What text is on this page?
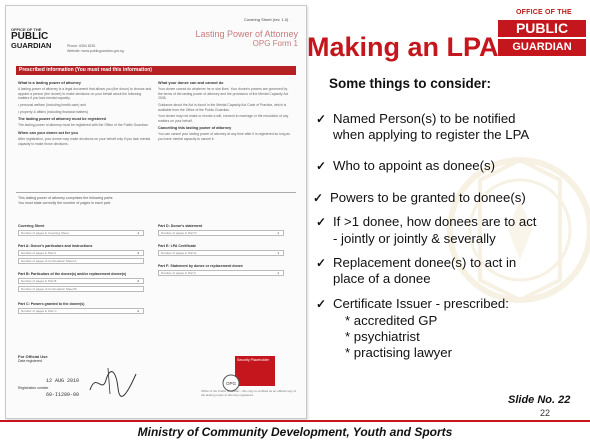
Covering Sheet (rev. 1.0)
OFFICE OF THE
PUBLIC
GUARDIAN	Phone: 6354 8251
Website: www.publicguardian.gov.sg
Lasting Power of Attorney
OPG Form 1
Prescribed information (You must read this information)
What is a lasting power of attorney

A lasting power of attorney is a legal document that allows you (the donor) to choose and appoint a person (the donee) to make decisions on your behalf about the following matters if you lack mental capacity.

• personal welfare (including health care) and

• property & affairs (including financial matters)

The lasting power of attorney must be registered

The lasting power of attorney must be registered with the Office of the Public Guardian.

When can your donee act for you

After registration, your donee may make decisions on your behalf only if you lack mental capacity to make those decisions.

What your donee can and cannot do

Your donee cannot do whatever he or she likes. Your donee's powers are governed by the terms of the lasting power of attorney and the provisions of the Mental Capacity Act 2008.

Guidance about the Act is found in the Mental Capacity Act Code of Practice, which is available from the Office of the Public Guardian.

Your donee may not make or revoke a will, consent to marriage or the resolution of any matters on your behalf.

Cancelling this lasting power of attorney

You can cancel your lasting power of attorney at any time after it is registered as long as you have mental capacity to cancel it.

This lasting power of attorney comprises the following parts:
You must state correctly the number of pages in each part.
Covering Sheet
Number of pages in Covering Sheet	1
Part A: Donor's particulars and instructions
Number of pages in Part A	3
Number of pages of Continuation Sheet A
Part B: Particulars of the donee(s) and/or replacement donee(s)
Number of pages in Part B	2
Number of pages of Continuation Sheet B
Part C: Powers granted to the donee(s)
Number of pages in Part C	2
Part D: Donor's statement
Number of pages in Part D	1
Part E: LPA Certificate
Number of pages in Part E	1
Part F: Statement by donee or replacement donee
Number of pages in Part F	1
For Official Use
Date registered
12 AUG 2010
Registration number
60-I1200-00
Security Placeholder
OPG
Office of the Public Guardian - this copy is certified as an official copy of the lasting power of attorney registered.
OFFICE OF THE
PUBLIC
GUARDIAN
Making an LPA
Some things to consider:
✓ Named Person(s) to be notified
when applying to register the LPA
✓ Who to appoint as donee(s)
✓ Powers to be granted to donee(s)
✓ If >1 donee, how donees are to act
- jointly or jointly & severally
✓ Replacement donee(s) to act in
place of a donee
✓ Certificate Issuer - prescribed:
* accredited GP
* psychiatrist
* practising lawyer
Slide No. 22
22
Ministry of Community Development, Youth and Sports
